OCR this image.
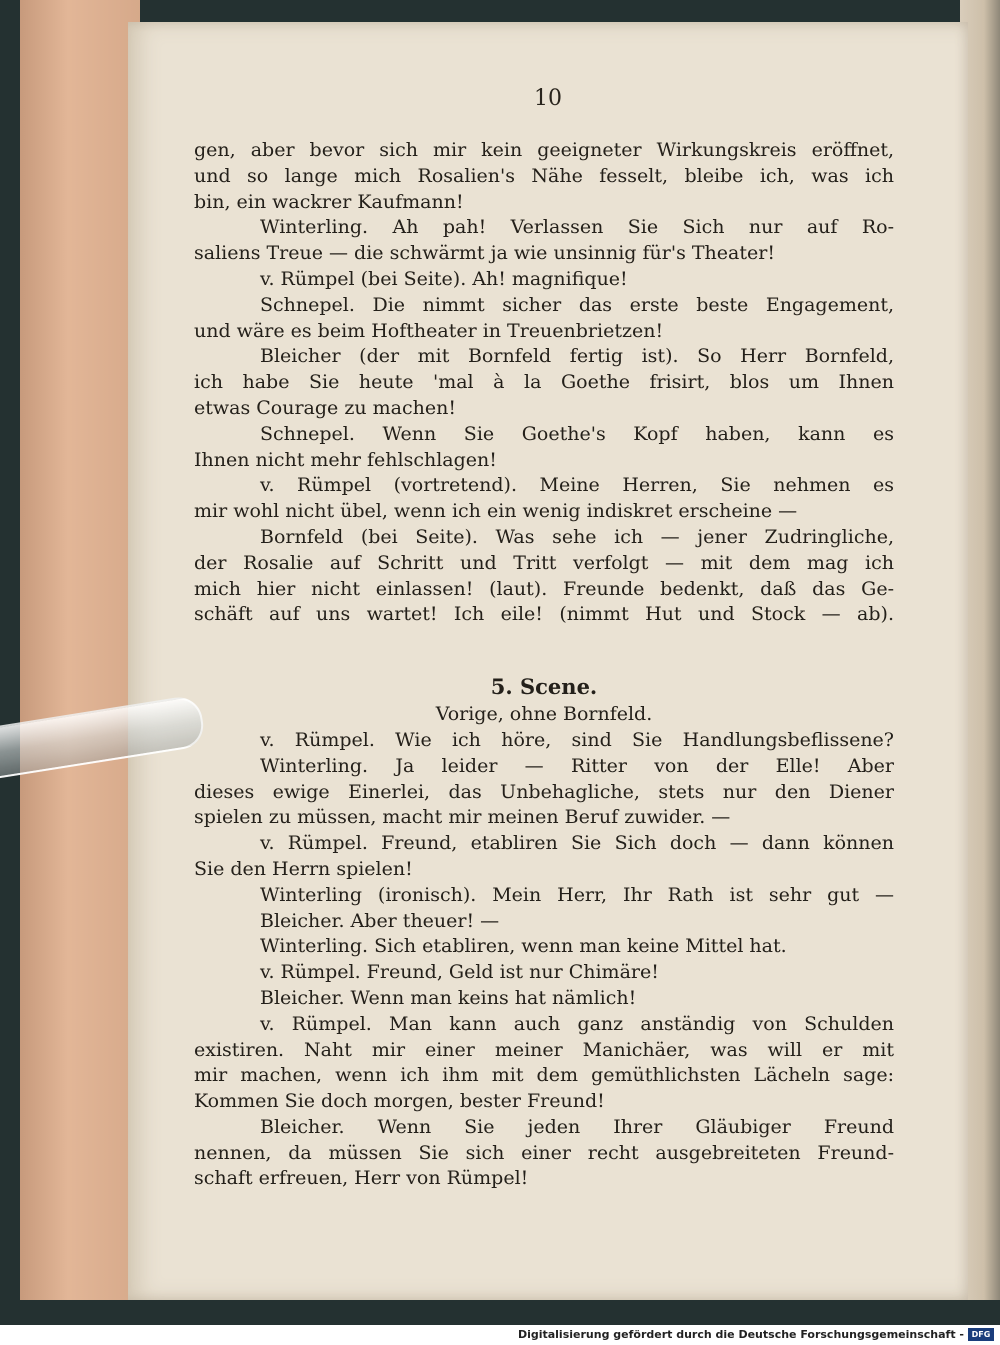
10
gen, aber bevor sich mir kein geeigneter Wirkungskreis eröffnet,
und so lange mich Rosalien's Nähe fesselt, bleibe ich, was ich
bin, ein wackrer Kaufmann!
Winterling. Ah pah! Verlassen Sie Sich nur auf Ro-
saliens Treue — die schwärmt ja wie unsinnig für's Theater!
v. Rümpel (bei Seite). Ah! magnifique!
Schnepel. Die nimmt sicher das erste beste Engagement,
und wäre es beim Hoftheater in Treuenbrietzen!
Bleicher (der mit Bornfeld fertig ist). So Herr Bornfeld,
ich habe Sie heute 'mal à la Goethe frisirt, blos um Ihnen
etwas Courage zu machen!
Schnepel. Wenn Sie Goethe's Kopf haben, kann es
Ihnen nicht mehr fehlschlagen!
v. Rümpel (vortretend). Meine Herren, Sie nehmen es
mir wohl nicht übel, wenn ich ein wenig indiskret erscheine —
Bornfeld (bei Seite). Was sehe ich — jener Zudringliche,
der Rosalie auf Schritt und Tritt verfolgt — mit dem mag ich
mich hier nicht einlassen! (laut). Freunde bedenkt, daß das Ge-
schäft auf uns wartet! Ich eile! (nimmt Hut und Stock — ab).
5. Scene.
Vorige, ohne Bornfeld.
v. Rümpel. Wie ich höre, sind Sie Handlungsbeflissene?
Winterling. Ja leider — Ritter von der Elle! Aber
dieses ewige Einerlei, das Unbehagliche, stets nur den Diener
spielen zu müssen, macht mir meinen Beruf zuwider. —
v. Rümpel. Freund, etabliren Sie Sich doch — dann können
Sie den Herrn spielen!
Winterling (ironisch). Mein Herr, Ihr Rath ist sehr gut —
Bleicher. Aber theuer! —
Winterling. Sich etabliren, wenn man keine Mittel hat.
v. Rümpel. Freund, Geld ist nur Chimäre!
Bleicher. Wenn man keins hat nämlich!
v. Rümpel. Man kann auch ganz anständig von Schulden
existiren. Naht mir einer meiner Manichäer, was will er mit
mir machen, wenn ich ihm mit dem gemüthlichsten Lächeln sage:
Kommen Sie doch morgen, bester Freund!
Bleicher. Wenn Sie jeden Ihrer Gläubiger Freund
nennen, da müssen Sie sich einer recht ausgebreiteten Freund-
schaft erfreuen, Herr von Rümpel!
Digitalisierung gefördert durch die Deutsche Forschungsgemeinschaft - DFG
